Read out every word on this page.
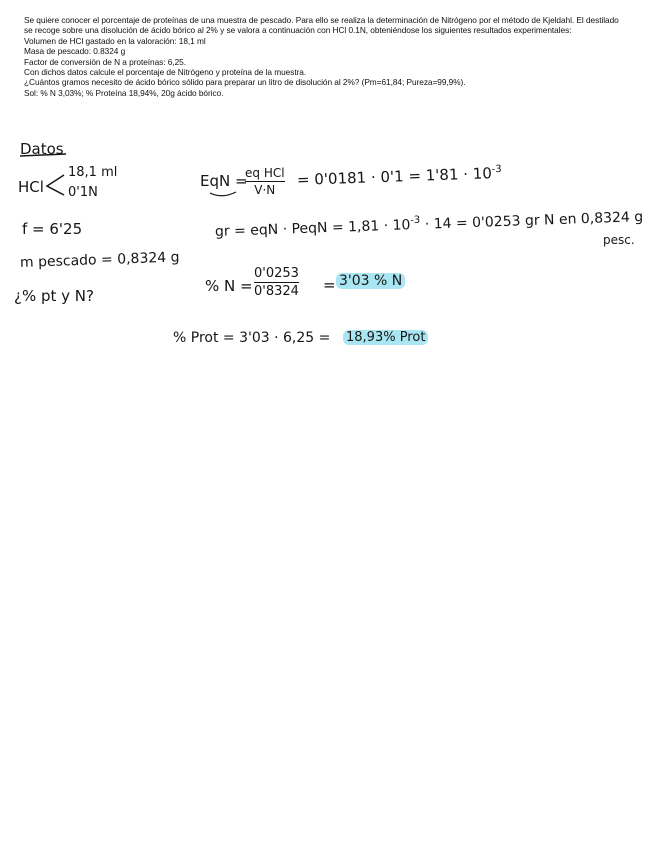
Se quiere conocer el porcentaje de proteínas de una muestra de pescado. Para ello se realiza la determinación de Nitrógeno por el método de Kjeldahl. El destilado se recoge sobre una disolución de ácido bórico al 2% y se valora a continuación con HCl 0.1N, obteniéndose los siguientes resultados experimentales:
Volumen de HCl gastado en la valoración: 18,1 ml
Masa de pescado: 0.8324 g
Factor de conversión de N a proteínas: 6,25.
Con dichos datos calcule el porcentaje de Nitrógeno y proteína de la muestra.
¿Cuántos gramos necesito de ácido bórico sólido para preparar un litro de disolución al 2%? (Pm=61,84; Pureza=99,9%).
Sol: % N 3,03%; % Proteína 18,94%, 20g ácido bórico.
Datos
HCl
18,1 ml
0'1N
f = 6'25
m pescado = 0,8324 g
¿% pt y N?
EqN =
eq HCl
V·N
= $0'0181 \cdot 0'1 = 1'81 \cdot 10^{-3}$
gr = eqN · PeqN = $1,81 \cdot 10^{-3} \cdot 14 = 0'0253$ gr N en 0,8324 g
pesc.
% N =
0'0253
0'8324 = 3'03 % N
% Prot = 3'03 · 6,25 = 18,93% Prot
